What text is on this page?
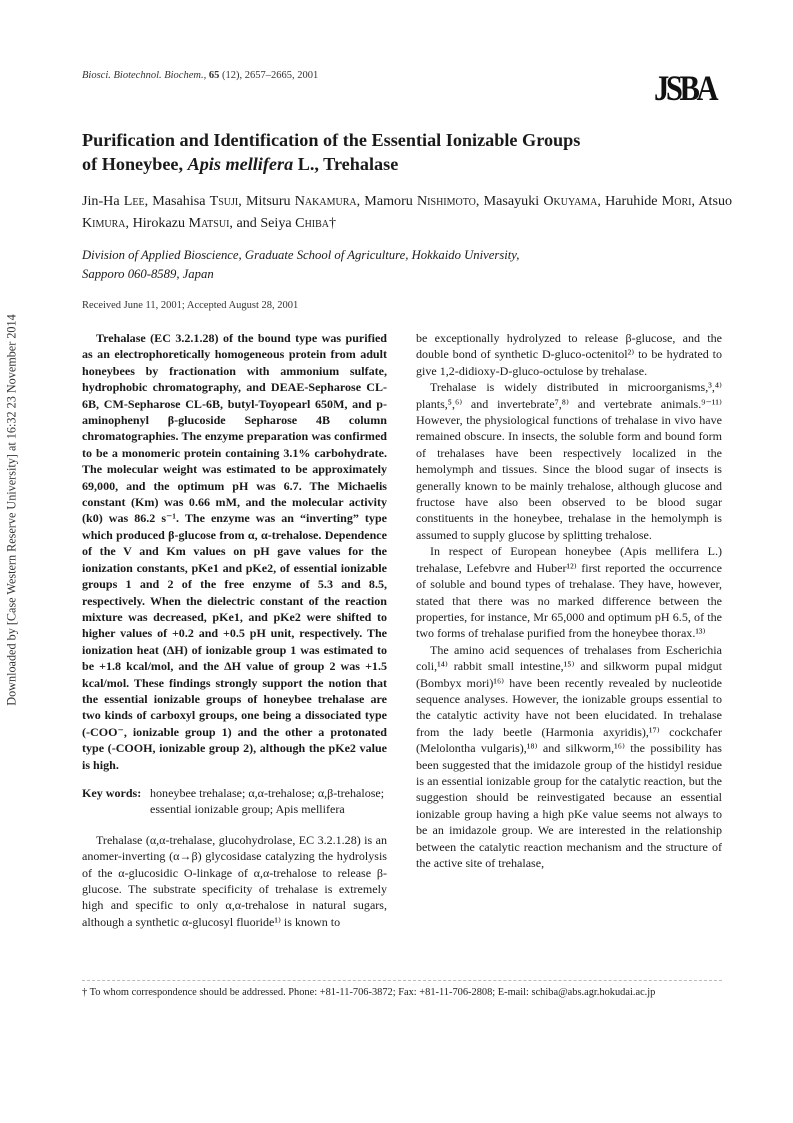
Downloaded by [Case Western Reserve University] at 16:32 23 November 2014
Biosci. Biotechnol. Biochem., 65 (12), 2657–2665, 2001	JSBA
Purification and Identification of the Essential Ionizable Groups
of Honeybee, Apis mellifera L., Trehalase

Jin-Ha Lee, Masahisa Tsuji, Mitsuru Nakamura, Mamoru Nishimoto, Masayuki Okuyama, Haruhide Mori, Atsuo Kimura, Hirokazu Matsui, and Seiya Chiba†

Division of Applied Bioscience, Graduate School of Agriculture, Hokkaido University,
Sapporo 060-8589, Japan

Received June 11, 2001; Accepted August 28, 2001

Trehalase (EC 3.2.1.28) of the bound type was purified as an electrophoretically homogeneous protein from adult honeybees by fractionation with ammonium sulfate, hydrophobic chromatography, and DEAE-Sepharose CL-6B, CM-Sepharose CL-6B, butyl-Toyopearl 650M, and p-aminophenyl β-glucoside Sepharose 4B column chromatographies. The enzyme preparation was confirmed to be a monomeric protein containing 3.1% carbohydrate. The molecular weight was estimated to be approximately 69,000, and the optimum pH was 6.7. The Michaelis constant (Km) was 0.66 mM, and the molecular activity (k0) was 86.2 s⁻¹. The enzyme was an “inverting” type which produced β-glucose from α, α-trehalose. Dependence of the V and Km values on pH gave values for the ionization constants, pKe1 and pKe2, of essential ionizable groups 1 and 2 of the free enzyme of 5.3 and 8.5, respectively. When the dielectric constant of the reaction mixture was decreased, pKe1, and pKe2 were shifted to higher values of +0.2 and +0.5 pH unit, respectively. The ionization heat (ΔH) of ionizable group 1 was estimated to be +1.8 kcal/mol, and the ΔH value of group 2 was +1.5 kcal/mol. These findings strongly support the notion that the essential ionizable groups of honeybee trehalase are two kinds of carboxyl groups, one being a dissociated type (-COO⁻, ionizable group 1) and the other a protonated type (-COOH, ionizable group 2), although the pKe2 value is high.

Key words: honeybee trehalase; α,α-trehalose; α,β-trehalose; essential ionizable group; Apis mellifera

Trehalase (α,α-trehalase, glucohydrolase, EC 3.2.1.28) is an anomer-inverting (α→β) glycosidase catalyzing the hydrolysis of the α-glucosidic O-linkage of α,α-trehalose to release β-glucose. The substrate specificity of trehalase is extremely high and specific to only α,α-trehalose in natural sugars, although a synthetic α-glucosyl fluoride¹⁾ is known to

be exceptionally hydrolyzed to release β-glucose, and the double bond of synthetic D-gluco-octenitol²⁾ to be hydrated to give 1,2-didioxy-D-gluco-octulose by trehalase.

Trehalase is widely distributed in microorganisms,³,⁴⁾ plants,⁵,⁶⁾ and invertebrate⁷,⁸⁾ and vertebrate animals.⁹⁻¹¹⁾ However, the physiological functions of trehalase in vivo have remained obscure. In insects, the soluble form and bound form of trehalases have been respectively localized in the hemolymph and tissues. Since the blood sugar of insects is generally known to be mainly trehalose, although glucose and fructose have also been observed to be blood sugar constituents in the honeybee, trehalase in the hemolymph is assumed to supply glucose by splitting trehalose.

In respect of European honeybee (Apis mellifera L.) trehalase, Lefebvre and Huber¹²⁾ first reported the occurrence of soluble and bound types of trehalase. They have, however, stated that there was no marked difference between the properties, for instance, Mr 65,000 and optimum pH 6.5, of the two forms of trehalase purified from the honeybee thorax.¹³⁾

The amino acid sequences of trehalases from Escherichia coli,¹⁴⁾ rabbit small intestine,¹⁵⁾ and silkworm pupal midgut (Bombyx mori)¹⁶⁾ have been recently revealed by nucleotide sequence analyses. However, the ionizable groups essential to the catalytic activity have not been elucidated. In trehalase from the lady beetle (Harmonia axyridis),¹⁷⁾ cockchafer (Melolontha vulgaris),¹⁸⁾ and silkworm,¹⁶⁾ the possibility has been suggested that the imidazole group of the histidyl residue is an essential ionizable group for the catalytic reaction, but the suggestion should be reinvestigated because an essential ionizable group having a high pKe value seems not always to be an imidazole group. We are interested in the relationship between the catalytic reaction mechanism and the structure of the active site of trehalase,

† To whom correspondence should be addressed. Phone: +81-11-706-3872; Fax: +81-11-706-2808; E-mail: schiba@abs.agr.hokudai.ac.jp
